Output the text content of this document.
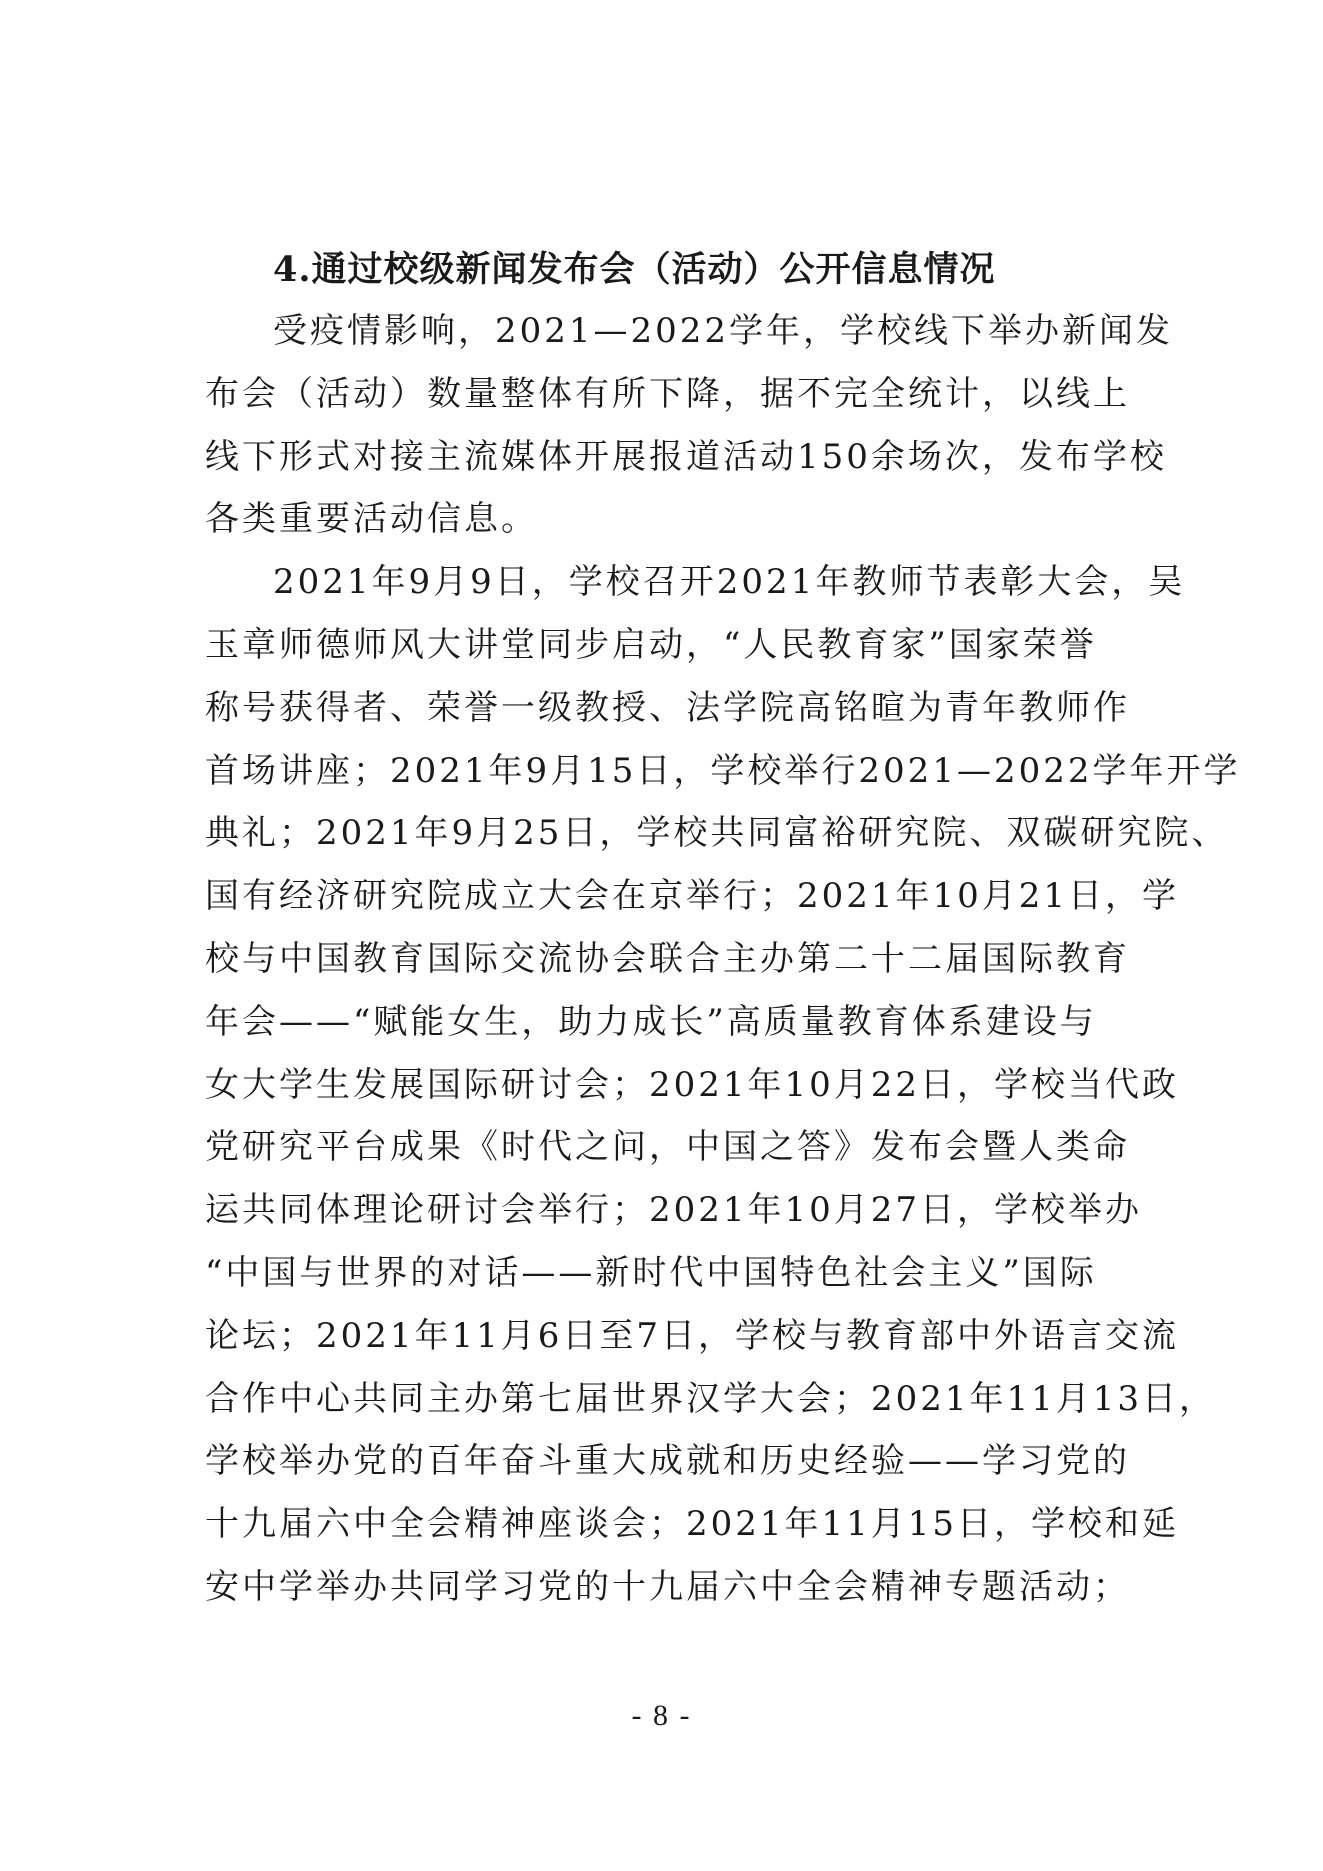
4.通过校级新闻发布会（活动）公开信息情况
受疫情影响，2021—2022学年，学校线下举办新闻发
布会（活动）数量整体有所下降，据不完全统计，以线上
线下形式对接主流媒体开展报道活动150余场次，发布学校
各类重要活动信息。
2021年9月9日，学校召开2021年教师节表彰大会，吴
玉章师德师风大讲堂同步启动，“人民教育家”国家荣誉
称号获得者、荣誉一级教授、法学院高铭暄为青年教师作
首场讲座；2021年9月15日，学校举行2021—2022学年开学
典礼；2021年9月25日，学校共同富裕研究院、双碳研究院、
国有经济研究院成立大会在京举行；2021年10月21日，学
校与中国教育国际交流协会联合主办第二十二届国际教育
年会——“赋能女生，助力成长”高质量教育体系建设与
女大学生发展国际研讨会；2021年10月22日，学校当代政
党研究平台成果《时代之问，中国之答》发布会暨人类命
运共同体理论研讨会举行；2021年10月27日，学校举办
“中国与世界的对话——新时代中国特色社会主义”国际
论坛；2021年11月6日至7日，学校与教育部中外语言交流
合作中心共同主办第七届世界汉学大会；2021年11月13日，
学校举办党的百年奋斗重大成就和历史经验——学习党的
十九届六中全会精神座谈会；2021年11月15日，学校和延
安中学举办共同学习党的十九届六中全会精神专题活动；
- 8 -
